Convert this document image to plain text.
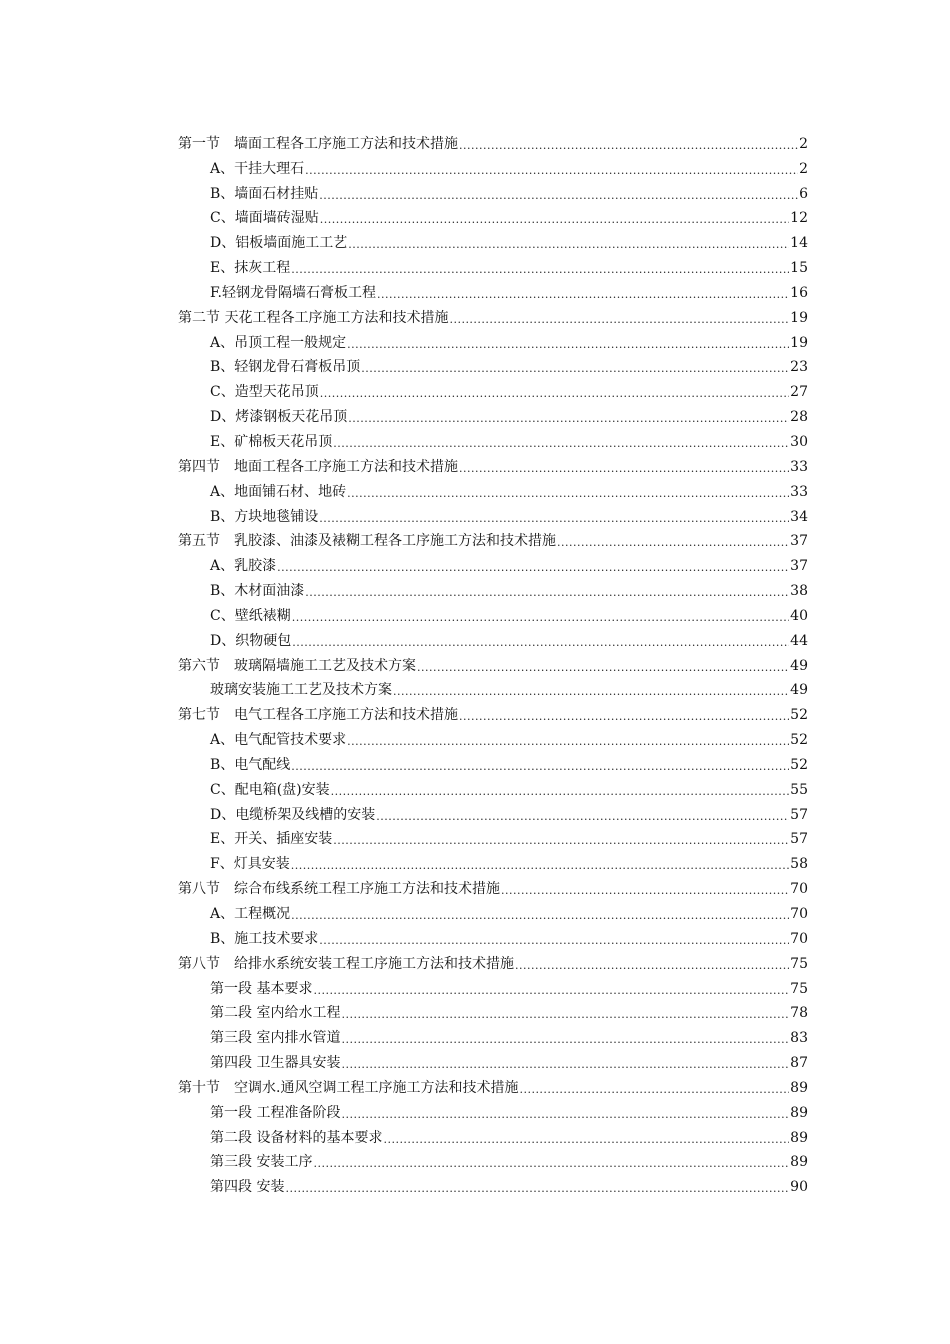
第一节　墙面工程各工序施工方法和技术措施 .....	2
A、干挂大理石 .....	2
B、墙面石材挂贴 .....	6
C、墙面墙砖湿贴 .....	12
D、铝板墙面施工工艺 .....	14
E、抹灰工程 .....	15
F.轻钢龙骨隔墙石膏板工程 .....	16
第二节 天花工程各工序施工方法和技术措施 .....	19
A、吊顶工程一般规定 .....	19
B、轻钢龙骨石膏板吊顶 .....	23
C、造型天花吊顶 .....	27
D、烤漆钢板天花吊顶 .....	28
E、矿棉板天花吊顶 .....	30
第四节　地面工程各工序施工方法和技术措施 .....	33
A、地面铺石材、地砖 .....	33
B、方块地毯铺设 .....	34
第五节　乳胶漆、油漆及裱糊工程各工序施工方法和技术措施 .....	37
A、乳胶漆 .....	37
B、木材面油漆 .....	38
C、壁纸裱糊 .....	40
D、织物硬包 .....	44
第六节　玻璃隔墙施工工艺及技术方案 .....	49
玻璃安装施工工艺及技术方案 .....	49
第七节　电气工程各工序施工方法和技术措施 .....	52
A、电气配管技术要求 .....	52
B、电气配线 .....	52
C、配电箱(盘)安装 .....	55
D、电缆桥架及线槽的安装 .....	57
E、开关、插座安装 .....	57
F、灯具安装 .....	58
第八节　综合布线系统工程工序施工方法和技术措施 .....	70
A、工程概况 .....	70
B、施工技术要求 .....	70
第八节　给排水系统安装工程工序施工方法和技术措施 .....	75
第一段 基本要求 .....	75
第二段 室内给水工程 .....	78
第三段 室内排水管道 .....	83
第四段 卫生器具安装 .....	87
第十节　空调水.通风空调工程工序施工方法和技术措施 .....	89
第一段 工程准备阶段 .....	89
第二段 设备材料的基本要求 .....	89
第三段 安装工序 .....	89
第四段 安装 .....	90
